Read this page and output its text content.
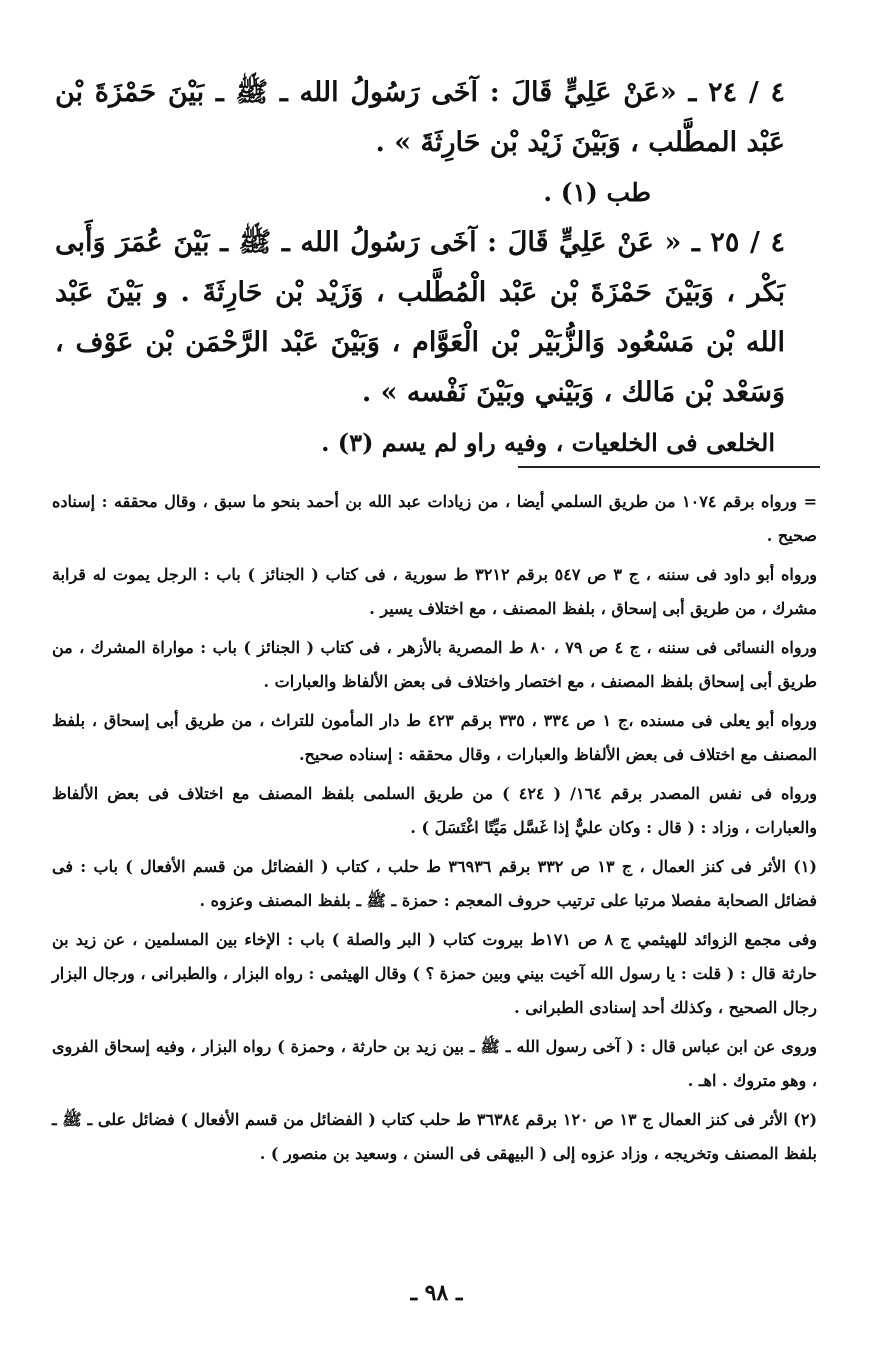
٤ / ٢٤ ـ «عَنْ عَلِيٍّ قَالَ : آخَى رَسُولُ الله ـ ﷺ ـ بَيْنَ حَمْزَةَ بْن عَبْد المطَّلب ، وَبَيْنَ زَيْد بْن حَارِثَةَ » .

طب (١) .

٤ / ٢٥ ـ « عَنْ عَلِيٍّ قَالَ : آخَى رَسُولُ الله ـ ﷺ ـ بَيْنَ عُمَرَ وَأَبى بَكْر ، وَبَيْنَ حَمْزَةَ بْن عَبْد الْمُطَّلب ، وَزَيْد بْن حَارِثَةَ . و بَيْنَ عَبْد الله بْن مَسْعُود وَالزُّبَيْر بْن الْعَوَّام ، وَبَيْنَ عَبْد الرَّحْمَن بْن عَوْف ، وَسَعْد بْن مَالك ، وَبَيْني وبَيْنَ نَفْسه » .

الخلعى فى الخلعيات ، وفيه راو لم يسم (٣) .

= ورواه برقم ١٠٧٤ من طريق السلمي أيضا ، من زيادات عبد الله بن أحمد بنحو ما سبق ، وقال محققه : إسناده صحيح .

ورواه أبو داود فى سننه ، ج ٣ ص ٥٤٧ برقم ٣٢١٢ ط سورية ، فى كتاب ( الجنائز ) باب : الرجل يموت له قرابة مشرك ، من طريق أبى إسحاق ، بلفظ المصنف ، مع اختلاف يسير .

ورواه النسائى فى سننه ، ج ٤ ص ٧٩ ، ٨٠ ط المصرية بالأزهر ، فى كتاب ( الجنائز ) باب : مواراة المشرك ، من طريق أبى إسحاق بلفظ المصنف ، مع اختصار واختلاف فى بعض الألفاظ والعبارات .

ورواه أبو يعلى فى مسنده ،ج ١ ص ٣٣٤ ، ٣٣٥ برقم ٤٢٣ ط دار المأمون للتراث ، من طريق أبى إسحاق ، بلفظ المصنف مع اختلاف فى بعض الألفاظ والعبارات ، وقال محققه : إسناده صحيح.

ورواه فى نفس المصدر برقم ١٦٤/ ( ٤٢٤ ) من طريق السلمى بلفظ المصنف مع اختلاف فى بعض الألفاظ والعبارات ، وزاد : ( قال : وكان عليٌّ إذا غَسَّل مَيِّتًا اغْتَسَلَ ) .

(١) الأثر فى كنز العمال ، ج ١٣ ص ٣٣٢ برقم ٣٦٩٣٦ ط حلب ، كتاب ( الفضائل من قسم الأفعال ) باب : فى فضائل الصحابة مفصلا مرتبا على ترتيب حروف المعجم : حمزة ـ ﷺ ـ بلفظ المصنف وعزوه .

وفى مجمع الزوائد للهيثمي ج ٨ ص ١٧١ط بيروت كتاب ( البر والصلة ) باب : الإخاء بين المسلمين ، عن زيد بن حارثة قال : ( قلت : يا رسول الله آخيت بيني وبين حمزة ؟ ) وقال الهيثمى : رواه البزار ، والطبرانى ، ورجال البزار رجال الصحيح ، وكذلك أحد إسنادى الطبرانى .

وروى عن ابن عباس قال : ( آخى رسول الله ـ ﷺ ـ بين زيد بن حارثة ، وحمزة ) رواه البزار ، وفيه إسحاق الفروى ، وهو متروك . اهـ .

(٢) الأثر فى كنز العمال ج ١٣ ص ١٢٠ برقم ٣٦٣٨٤ ط حلب كتاب ( الفضائل من قسم الأفعال ) فضائل على ـ ﷺ ـ بلفظ المصنف وتخريجه ، وزاد عزوه إلى ( البيهقى فى السنن ، وسعيد بن منصور ) .

ـ ٩٨ ـ
